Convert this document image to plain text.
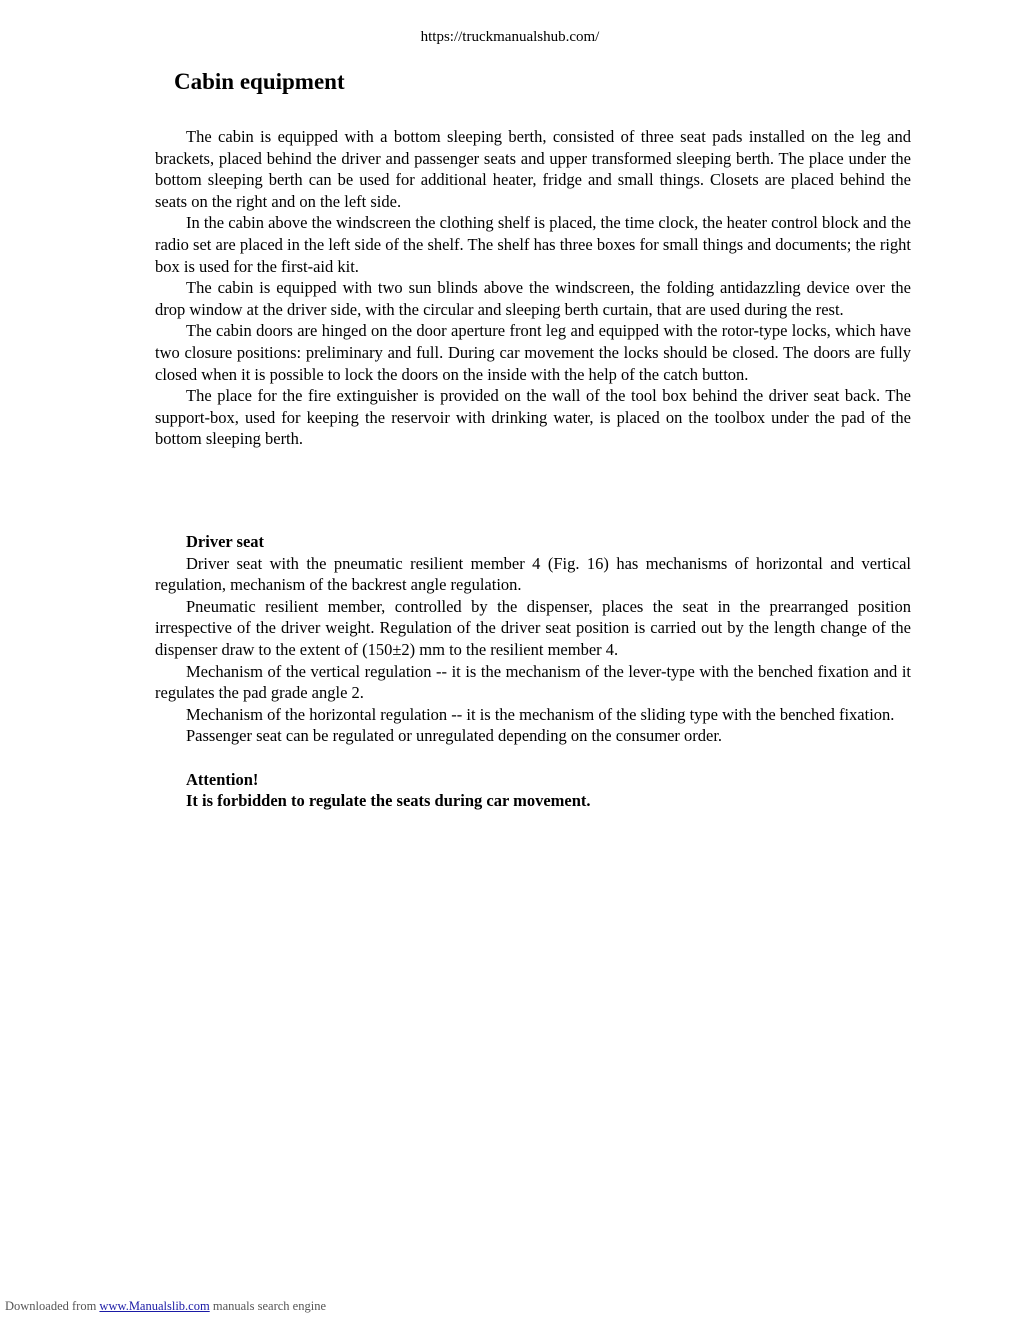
https://truckmanualshub.com/
Cabin equipment

The cabin is equipped with a bottom sleeping berth, consisted of three seat pads installed on the leg and brackets, placed behind the driver and passenger seats and upper transformed sleeping berth. The place under the bottom sleeping berth can be used for additional heater, fridge and small things. Closets are placed behind the seats on the right and on the left side.

In the cabin above the windscreen the clothing shelf is placed, the time clock, the heater control block and the radio set are placed in the left side of the shelf. The shelf has three boxes for small things and documents; the right box is used for the first-aid kit.

The cabin is equipped with two sun blinds above the windscreen, the folding antidazzling device over the drop window at the driver side, with the circular and sleeping berth curtain, that are used during the rest.

The cabin doors are hinged on the door aperture front leg and equipped with the rotor-type locks, which have two closure positions: preliminary and full. During car movement the locks should be closed. The doors are fully closed when it is possible to lock the doors on the inside with the help of the catch button.

The place for the fire extinguisher is provided on the wall of the tool box behind the driver seat back. The support-box, used for keeping the reservoir with drinking water, is placed on the toolbox under the pad of the bottom sleeping berth.

Driver seat

Driver seat with the pneumatic resilient member 4 (Fig. 16) has mechanisms of horizontal and vertical regulation, mechanism of the backrest angle regulation.

Pneumatic resilient member, controlled by the dispenser, places the seat in the prearranged position irrespective of the driver weight. Regulation of the driver seat position is carried out by the length change of the dispenser draw to the extent of (150±2) mm to the resilient member 4.

Mechanism of the vertical regulation -- it is the mechanism of the lever-type with the benched fixation and it regulates the pad grade angle 2.

Mechanism of the horizontal regulation -- it is the mechanism of the sliding type with the benched fixation.

Passenger seat can be regulated or unregulated depending on the consumer order.

Attention!
It is forbidden to regulate the seats during car movement.
Downloaded from www.Manualslib.com manuals search engine
